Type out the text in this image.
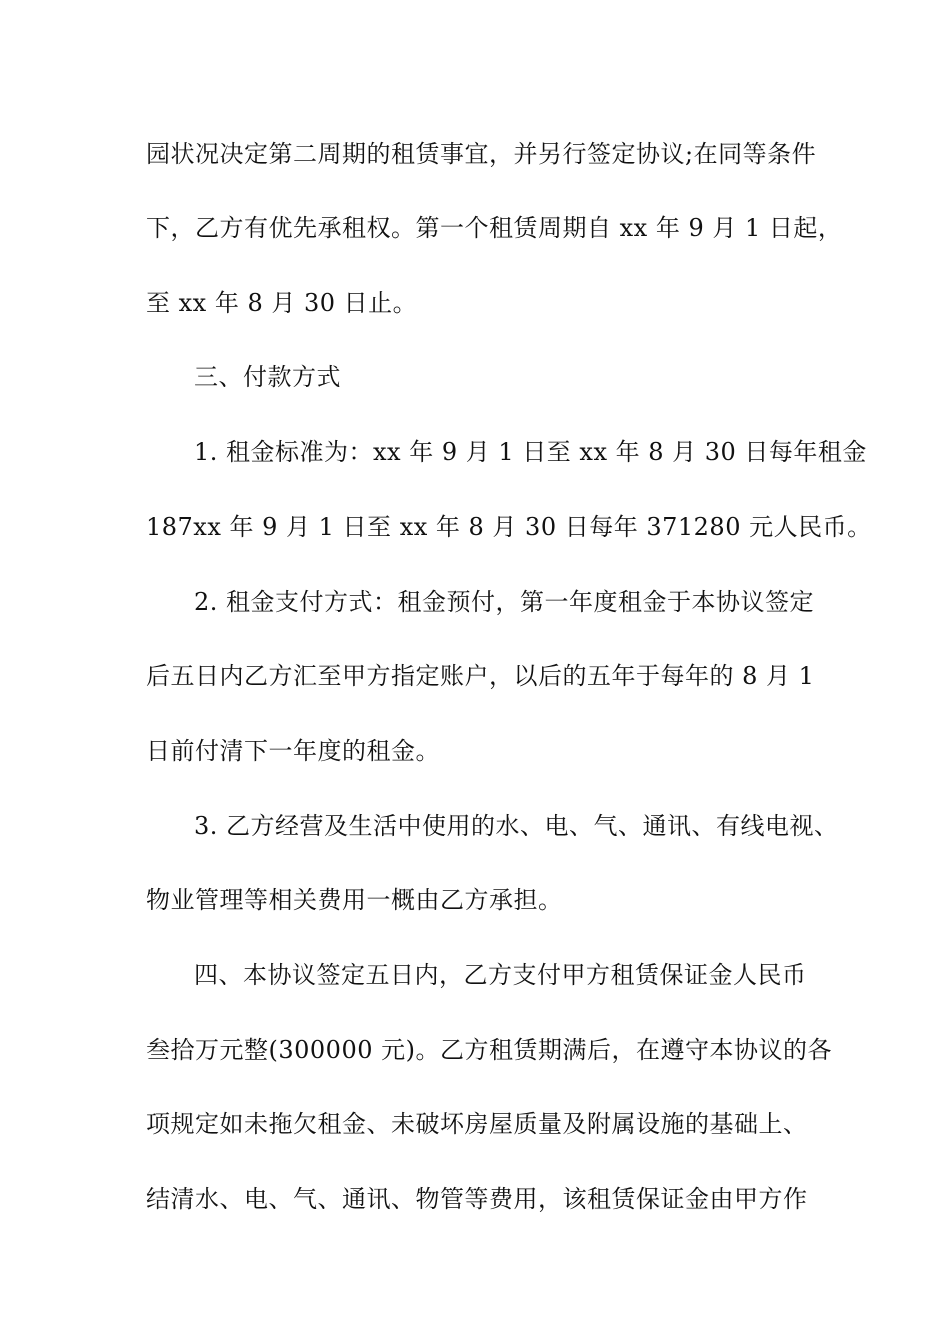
园状况决定第二周期的租赁事宜，并另行签定协议;在同等条件
下，乙方有优先承租权。第一个租赁周期自 xx 年 9 月 1 日起，
至 xx 年 8 月 30 日止。
三、付款方式
1. 租金标准为：xx 年 9 月 1 日至 xx 年 8 月 30 日每年租金
187xx 年 9 月 1 日至 xx 年 8 月 30 日每年 371280 元人民币。
2. 租金支付方式：租金预付，第一年度租金于本协议签定
后五日内乙方汇至甲方指定账户，以后的五年于每年的 8 月 1
日前付清下一年度的租金。
3. 乙方经营及生活中使用的水、电、气、通讯、有线电视、
物业管理等相关费用一概由乙方承担。
四、本协议签定五日内，乙方支付甲方租赁保证金人民币
叁拾万元整(300000 元)。乙方租赁期满后，在遵守本协议的各
项规定如未拖欠租金、未破坏房屋质量及附属设施的基础上、
结清水、电、气、通讯、物管等费用，该租赁保证金由甲方作
